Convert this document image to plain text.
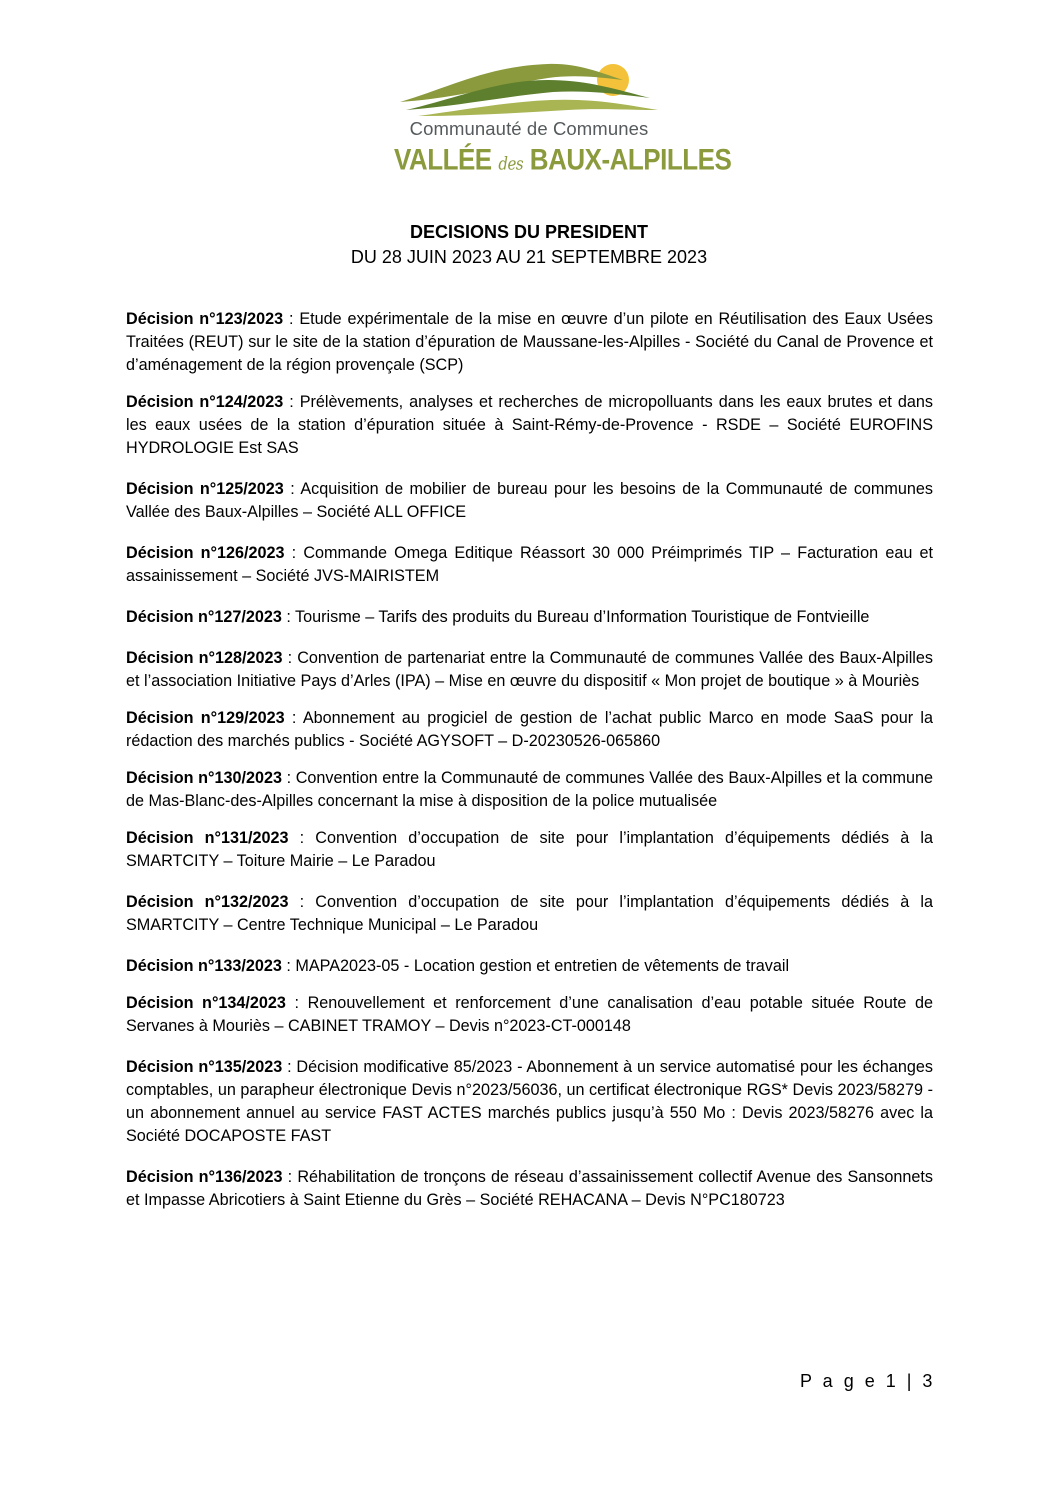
Communauté de Communes
VALLÉE des BAUX-ALPILLES
DECISIONS DU PRESIDENT
DU 28 JUIN 2023 AU 21 SEPTEMBRE 2023

Décision n°123/2023 : Etude expérimentale de la mise en œuvre d’un pilote en Réutilisation des Eaux Usées Traitées (REUT) sur le site de la station d’épuration de Maussane-les-Alpilles - Société du Canal de Provence et d’aménagement de la région provençale (SCP)

Décision n°124/2023 : Prélèvements, analyses et recherches de micropolluants dans les eaux brutes et dans les eaux usées de la station d’épuration située à Saint-Rémy-de-Provence - RSDE – Société EUROFINS HYDROLOGIE Est SAS

Décision n°125/2023 : Acquisition de mobilier de bureau pour les besoins de la Communauté de communes Vallée des Baux-Alpilles – Société ALL OFFICE

Décision n°126/2023 : Commande Omega Editique Réassort 30 000 Préimprimés TIP – Facturation eau et assainissement – Société JVS-MAIRISTEM

Décision n°127/2023 : Tourisme – Tarifs des produits du Bureau d’Information Touristique de Fontvieille

Décision n°128/2023 : Convention de partenariat entre la Communauté de communes Vallée des Baux-Alpilles et l’association Initiative Pays d’Arles (IPA) – Mise en œuvre du dispositif « Mon projet de boutique » à Mouriès

Décision n°129/2023 : Abonnement au progiciel de gestion de l’achat public Marco en mode SaaS pour la rédaction des marchés publics - Société AGYSOFT – D-20230526-065860

Décision n°130/2023 : Convention entre la Communauté de communes Vallée des Baux-Alpilles et la commune de Mas-Blanc-des-Alpilles concernant la mise à disposition de la police mutualisée

Décision n°131/2023 : Convention d’occupation de site pour l’implantation d’équipements dédiés à la SMARTCITY – Toiture Mairie – Le Paradou

Décision n°132/2023 : Convention d’occupation de site pour l’implantation d’équipements dédiés à la SMARTCITY – Centre Technique Municipal – Le Paradou

Décision n°133/2023 : MAPA2023-05 - Location gestion et entretien de vêtements de travail

Décision n°134/2023 : Renouvellement et renforcement d’une canalisation d’eau potable située Route de Servanes à Mouriès – CABINET TRAMOY – Devis n°2023-CT-000148

Décision n°135/2023 : Décision modificative 85/2023 - Abonnement à un service automatisé pour les échanges comptables, un parapheur électronique Devis n°2023/56036, un certificat électronique RGS* Devis 2023/58279 - un abonnement annuel au service FAST ACTES marchés publics jusqu’à 550 Mo : Devis 2023/58276 avec la Société DOCAPOSTE FAST

Décision n°136/2023 : Réhabilitation de tronçons de réseau d’assainissement collectif Avenue des Sansonnets et Impasse Abricotiers à Saint Etienne du Grès – Société REHACANA – Devis N°PC180723

P a g e 1 | 3
